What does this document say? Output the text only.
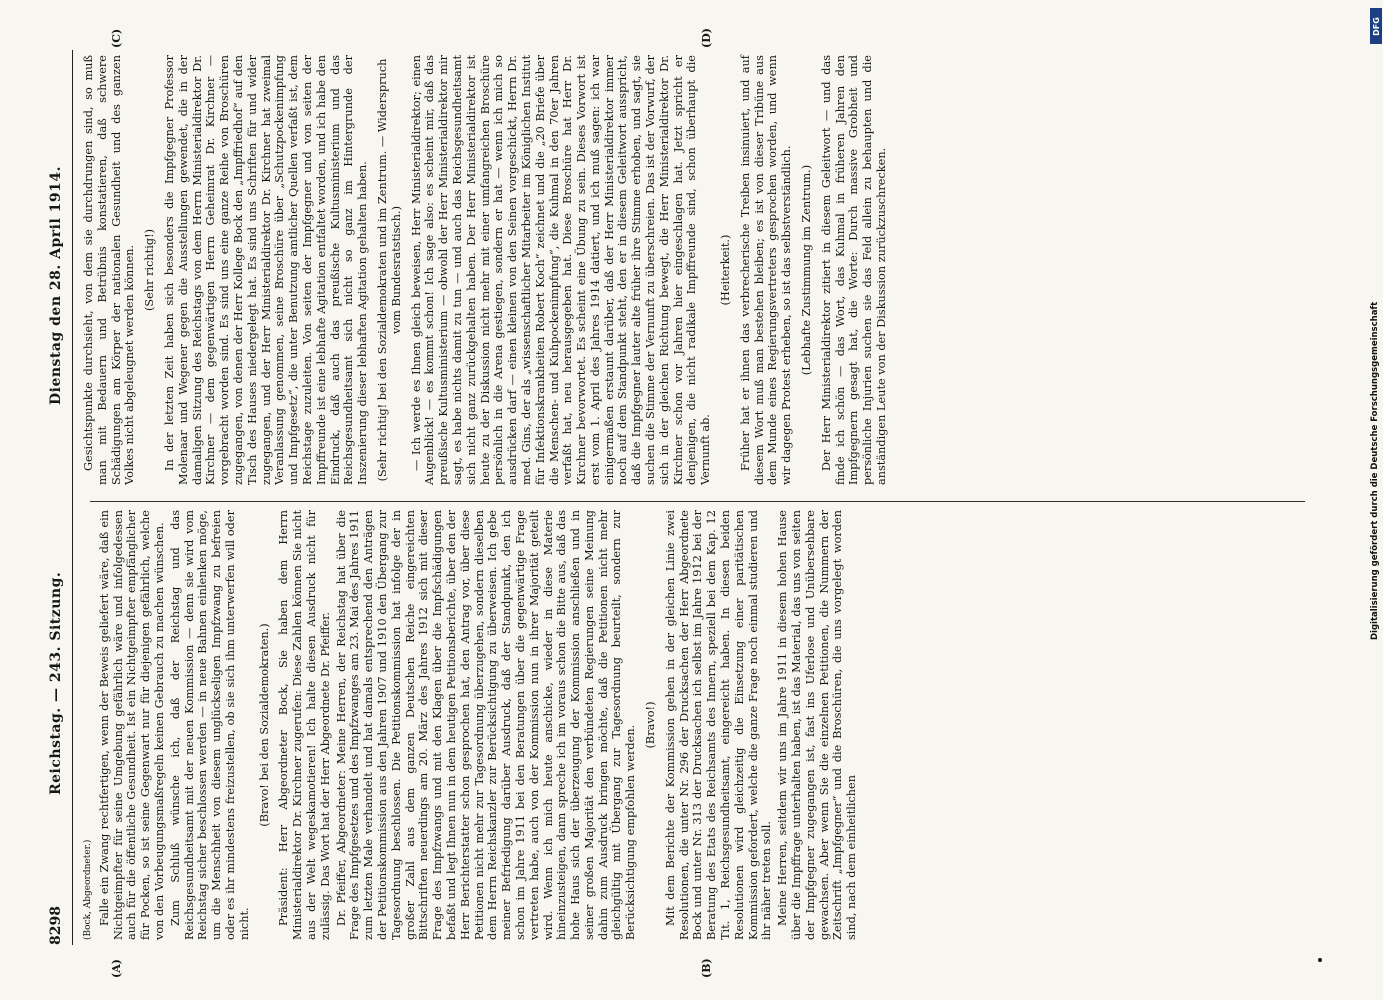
8298
Reichstag. — 243. Sitzung.
Dienstag den 28. April 1914.
(A)	(B)
(C)	(D)

(Bock, Abgeordneter.) Falle ein Zwang rechtfertigen, wenn der Beweis geliefert wäre, daß ein Nichtgeimpfter für seine Umgebung gefährlich wäre und infolgedessen auch für die öffentliche Gesundheit. Ist ein Nichtgeimpfter empfänglicher für Pocken, so ist seine Gegenwart nur für diejenigen gefährlich, welche von den Vorbeugungsmaßregeln keinen Gebrauch zu machen wünschen. Zum Schluß wünsche ich, daß der Reichstag und das Reichsgesundheitsamt mit der neuen Kommission — denn sie wird vom Reichstag sicher beschlossen werden — in neue Bahnen einlenken möge, um die Menschheit von diesem unglückseligen Impfzwang zu befreien oder es ihr mindestens freizustellen, ob sie sich ihm unterwerfen will oder nicht.

(Bravo! bei den Sozialdemokraten.) Präsident: Herr Abgeordneter Bock, Sie haben dem Herrn Ministerialdirektor Dr. Kirchner zugerufen: Diese Zahlen können Sie nicht aus der Welt wegeskamotieren! Ich halte diesen Ausdruck nicht für zulässig. Das Wort hat der Herr Abgeordnete Dr. Pfeiffer. Dr. Pfeiffer, Abgeordneter: Meine Herren, der Reichstag hat über die Frage des Impfgesetzes und des Impfzwanges am 23. Mai des Jahres 1911 zum letzten Male verhandelt und hat damals entsprechend den Anträgen der Petitionskommission aus den Jahren 1907 und 1910 den Übergang zur Tagesordnung beschlossen. Die Petitionskommission hat infolge der in großer Zahl aus dem ganzen Deutschen Reiche eingereichten Bittschriften neuerdings am 20. März des Jahres 1912 sich mit dieser Frage des Impfzwangs und mit den Klagen über die Impfschädigungen befaßt und legt Ihnen nun in dem heutigen Petitionsberichte, über den der Herr Berichterstatter schon gesprochen hat, den Antrag vor, über diese Petitionen nicht mehr zur Tagesordnung überzugehen, sondern dieselben dem Herrn Reichskanzler zur Berücksichtigung zu überweisen. Ich gebe meiner Befriedigung darüber Ausdruck, daß der Standpunkt, den ich schon im Jahre 1911 bei den Beratungen über die gegenwärtige Frage vertreten habe, auch von der Kommission nun in ihrer Majorität geteilt wird. Wenn ich mich heute anschicke, wieder in diese Materie hineinzusteigen, dann spreche ich im voraus schon die Bitte aus, daß das hohe Haus sich der überzeugung der Kommission anschließen und in seiner großen Majorität den verbündeten Regierungen seine Meinung dahin zum Ausdruck bringen möchte, daß die Petitionen nicht mehr gleichgültig mit Übergang zur Tagesordnung beurteilt, sondern zur Berücksichtigung empfohlen werden. (Bravo!) Mit dem Berichte der Kommission gehen in der gleichen Linie zwei Resolutionen, die unter Nr. 296 der Drucksachen der Herr Abgeordnete Bock und unter Nr. 313 der Drucksachen ich selbst im Jahre 1912 bei der Beratung des Etats des Reichsamts des Innern, speziell bei dem Kap. 12 Tit. 1, Reichsgesundheitsamt, eingereicht haben. In diesen beiden Resolutionen wird gleichzeitig die Einsetzung einer paritätischen Kommission gefordert, welche die ganze Frage noch einmal studieren und ihr näher treten soll. Meine Herren, seitdem wir uns im Jahre 1911 in diesem hohen Hause über die Impffrage unterhalten haben, ist das Material, das uns von seiten der Impfgegner zugegangen ist, fast ins Uferlose und Unübersehbare gewachsen. Aber wenn Sie die einzelnen Petitionen, die Nummern der Zeitschrift „Impfgegner“ und die Broschüren, die uns vorgelegt worden sind, nach dem einheitlichen

Gesichtspunkte durchsieht, von dem sie durchdrungen sind, so muß man mit Bedauern und Betrübnis konstatieren, daß schwere Schädigungen am Körper der nationalen Gesundheit und des ganzen Volkes nicht abgeleugnet werden können. (Sehr richtig!) In der letzten Zeit haben sich besonders die Impfgegner Professor Molenaar und Wegener gegen die Ausstellungen gewendet, die in der damaligen Sitzung des Reichstags von dem Herrn Ministerialdirektor Dr. Kirchner — dem gegenwärtigen Herrn Geheimrat Dr. Kirchner — vorgebracht worden sind. Es sind uns eine ganze Reihe von Broschüren zugegangen, von denen der Herr Kollege Bock den „Impffriedhof“ auf den Tisch des Hauses niedergelegt hat. Es sind uns Schriften für und wider zugegangen, und der Herr Ministerialdirektor Dr. Kirchner hat zweimal Veranlassung genommen, seine Broschüre über „Schutzpockenimpfung und Impfgesetz“, die unter Benutzung amtlicher Quellen verfaßt ist, dem Reichstage zuzuleiten. Von seiten der Impfgegner und von seiten der Impffreunde ist eine lebhafte Agitation entfaltet worden, und ich habe den Eindruck, daß auch das preußische Kultusministerium und das Reichsgesundheitsamt sich nicht so ganz im Hintergrunde der Inszenierung dieser lebhaften Agitation gehalten haben. (Sehr richtig! bei den Sozialdemokraten und im Zentrum. — Widerspruch vom Bundesratstisch.) — Ich werde es Ihnen gleich beweisen, Herr Ministerialdirektor; einen Augenblick! — es kommt schon! Ich sage also: es scheint mir, daß das preußische Kultusministerium — obwohl der Herr Ministerialdirektor mir sagt, es habe nichts damit zu tun — und auch das Reichsgesundheitsamt sich nicht ganz zurückgehalten haben. Der Herr Ministerialdirektor ist heute zu der Diskussion nicht mehr mit einer umfangreichen Broschüre persönlich in die Arena gestiegen, sondern er hat — wenn ich mich so ausdrücken darf — einen kleinen von den Seinen vorgeschickt, Herrn Dr. med. Gins, der als „wissenschaftlicher Mitarbeiter im Königlichen Institut für Infektionskrankheiten Robert Koch“ zeichnet und die „20 Briefe über die Menschen- und Kuhpockenimpfung“, die Kuhmal in den 70er Jahren verfaßt hat, neu herausgegeben hat. Diese Broschüre hat Herr Dr. Kirchner bevorwortet. Es scheint eine Übung zu sein. Dieses Vorwort ist erst vom 1. April des Jahres 1914 datiert, und ich muß sagen: ich war einigermaßen erstaunt darüber, daß der Herr Ministerialdirektor immer noch auf dem Standpunkt steht, den er in diesem Geleitwort ausspricht, daß die Impfgegner lauter alte früher ihre Stimme erhoben, und sagt, sie suchen die Stimme der Vernunft zu überschreien. Das ist der Vorwurf, der sich in der gleichen Richtung bewegt, die Herr Ministerialdirektor Dr. Kirchner schon vor Jahren hier eingeschlagen hat. Jetzt spricht er denjenigen, die nicht radikale Impffreunde sind, schon überhaupt die Vernunft ab.

(Heiterkeit.) Früher hat er ihnen das verbrecherische Treiben insinuiert, und auf diesem Wort muß man bestehen bleiben; es ist von dieser Tribüne aus dem Munde eines Regierungsvertreters gesprochen worden, und wenn wir dagegen Protest erheben, so ist das selbstverständlich. (Lebhafte Zustimmung im Zentrum.) Der Herr Ministerialdirektor zitiert in diesem Geleitwort — und das finde ich schön — das Wort, das Kuhmal in früheren Jahren den Impfgegnern gesagt hat, die Worte: Durch massive Grobheit und persönliche Injurien suchen sie das Feld allein zu behaupten und die anständigen Leute von der Diskussion zurückzuschrecken.

DFG
Digitalisierung gefördert durch die Deutsche Forschungsgemeinschaft
